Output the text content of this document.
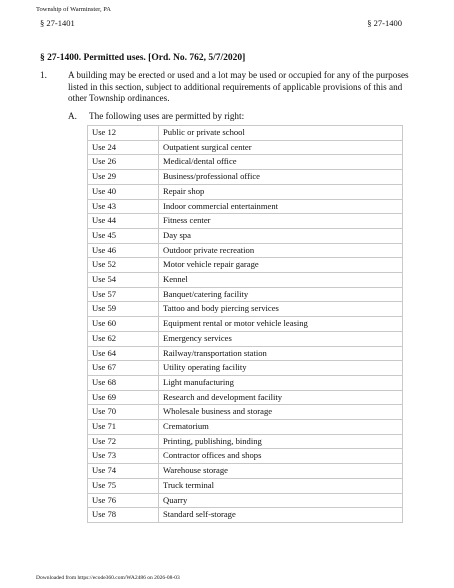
Township of Warminster, PA
§ 27-1401	§ 27-1400
§ 27-1400. Permitted uses. [Ord. No. 762, 5/7/2020]
1. A building may be erected or used and a lot may be used or occupied for any of the purposes listed in this section, subject to additional requirements of applicable provisions of this and other Township ordinances.
A. The following uses are permitted by right:
Use 12	Public or private school
Use 24	Outpatient surgical center
Use 26	Medical/dental office
Use 29	Business/professional office
Use 40	Repair shop
Use 43	Indoor commercial entertainment
Use 44	Fitness center
Use 45	Day spa
Use 46	Outdoor private recreation
Use 52	Motor vehicle repair garage
Use 54	Kennel
Use 57	Banquet/catering facility
Use 59	Tattoo and body piercing services
Use 60	Equipment rental or motor vehicle leasing
Use 62	Emergency services
Use 64	Railway/transportation station
Use 67	Utility operating facility
Use 68	Light manufacturing
Use 69	Research and development facility
Use 70	Wholesale business and storage
Use 71	Crematorium
Use 72	Printing, publishing, binding
Use 73	Contractor offices and shops
Use 74	Warehouse storage
Use 75	Truck terminal
Use 76	Quarry
Use 78	Standard self-storage
Downloaded from https://ecode360.com/WA2486 on 2026-08-03
